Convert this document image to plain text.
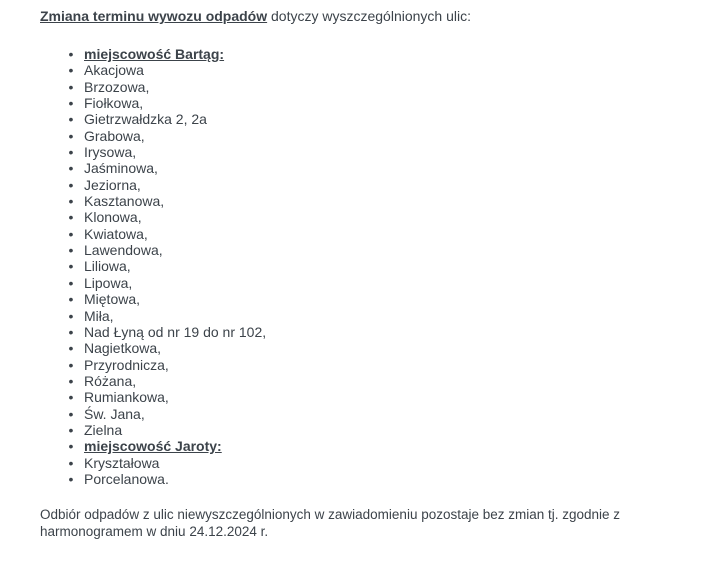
Zmiana terminu wywozu odpadów dotyczy wyszczególnionych ulic:

• miejscowość Bartąg:
• Akacjowa
• Brzozowa,
• Fiołkowa,
• Gietrzwałdzka 2, 2a
• Grabowa,
• Irysowa,
• Jaśminowa,
• Jeziorna,
• Kasztanowa,
• Klonowa,
• Kwiatowa,
• Lawendowa,
• Liliowa,
• Lipowa,
• Miętowa,
• Miła,
• Nad Łyną od nr 19 do nr 102,
• Nagietkowa,
• Przyrodnicza,
• Różana,
• Rumiankowa,
• Św. Jana,
• Zielna
• miejscowość Jaroty:
• Kryształowa
• Porcelanowa.

Odbiór odpadów z ulic niewyszczególnionych w zawiadomieniu pozostaje bez zmian tj. zgodnie z
harmonogramem w dniu 24.12.2024 r.
